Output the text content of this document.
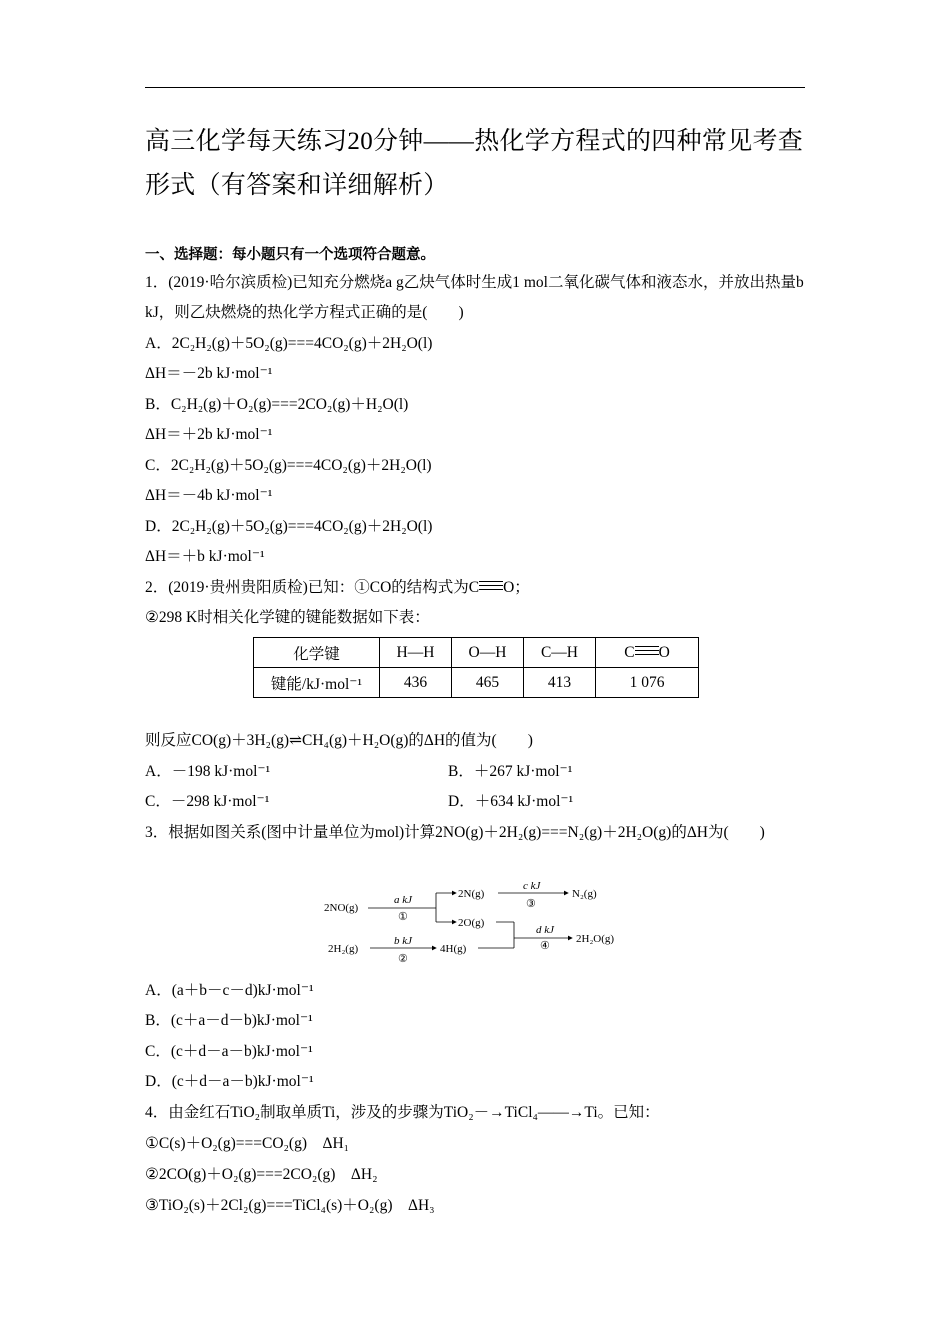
高三化学每天练习20分钟——热化学方程式的四种常见考查形式（有答案和详细解析）
一、选择题：每小题只有一个选项符合题意。
1．(2019·哈尔滨质检)已知充分燃烧a g乙炔气体时生成1 mol二氧化碳气体和液态水，并放出热量b kJ，则乙炔燃烧的热化学方程式正确的是(　　)
A．2C₂H₂(g)＋5O₂(g)===4CO₂(g)＋2H₂O(l)
ΔH＝－2b kJ·mol⁻¹
B．C₂H₂(g)＋O₂(g)===2CO₂(g)＋H₂O(l)
ΔH＝＋2b kJ·mol⁻¹
C．2C₂H₂(g)＋5O₂(g)===4CO₂(g)＋2H₂O(l)
ΔH＝－4b kJ·mol⁻¹
D．2C₂H₂(g)＋5O₂(g)===4CO₂(g)＋2H₂O(l)
ΔH＝＋b kJ·mol⁻¹
2．(2019·贵州贵阳质检)已知：①CO的结构式为C O；
②298 K时相关化学键的键能数据如下表：
化学键	H—H	O—H	C—H	C O
键能/kJ·mol⁻¹	436	465	413	1 076
则反应CO(g)＋3H₂(g)⇌CH₄(g)＋H₂O(g)的ΔH的值为(　　)
A．－198 kJ·mol⁻¹	B．＋267 kJ·mol⁻¹
C．－298 kJ·mol⁻¹	D．＋634 kJ·mol⁻¹
3．根据如图关系(图中计量单位为mol)计算2NO(g)＋2H₂(g)===N₂(g)＋2H₂O(g)的ΔH为(　　)
2NO(g)
2H₂(g)
2N(g)
2O(g)
4H(g)
N₂(g)
2H₂O(g)
a kJ
①
b kJ
②
c kJ
③
d kJ
④
A．(a＋b－c－d)kJ·mol⁻¹
B．(c＋a－d－b)kJ·mol⁻¹
C．(c＋d－a－b)kJ·mol⁻¹
D．(c＋d－a－b)kJ·mol⁻¹
4．由金红石TiO₂制取单质Ti，涉及的步骤为TiO₂－→TiCl₄——→Ti。已知：
①C(s)＋O₂(g)===CO₂(g)　ΔH₁
②2CO(g)＋O₂(g)===2CO₂(g)　ΔH₂
③TiO₂(s)＋2Cl₂(g)===TiCl₄(s)＋O₂(g)　ΔH₃
